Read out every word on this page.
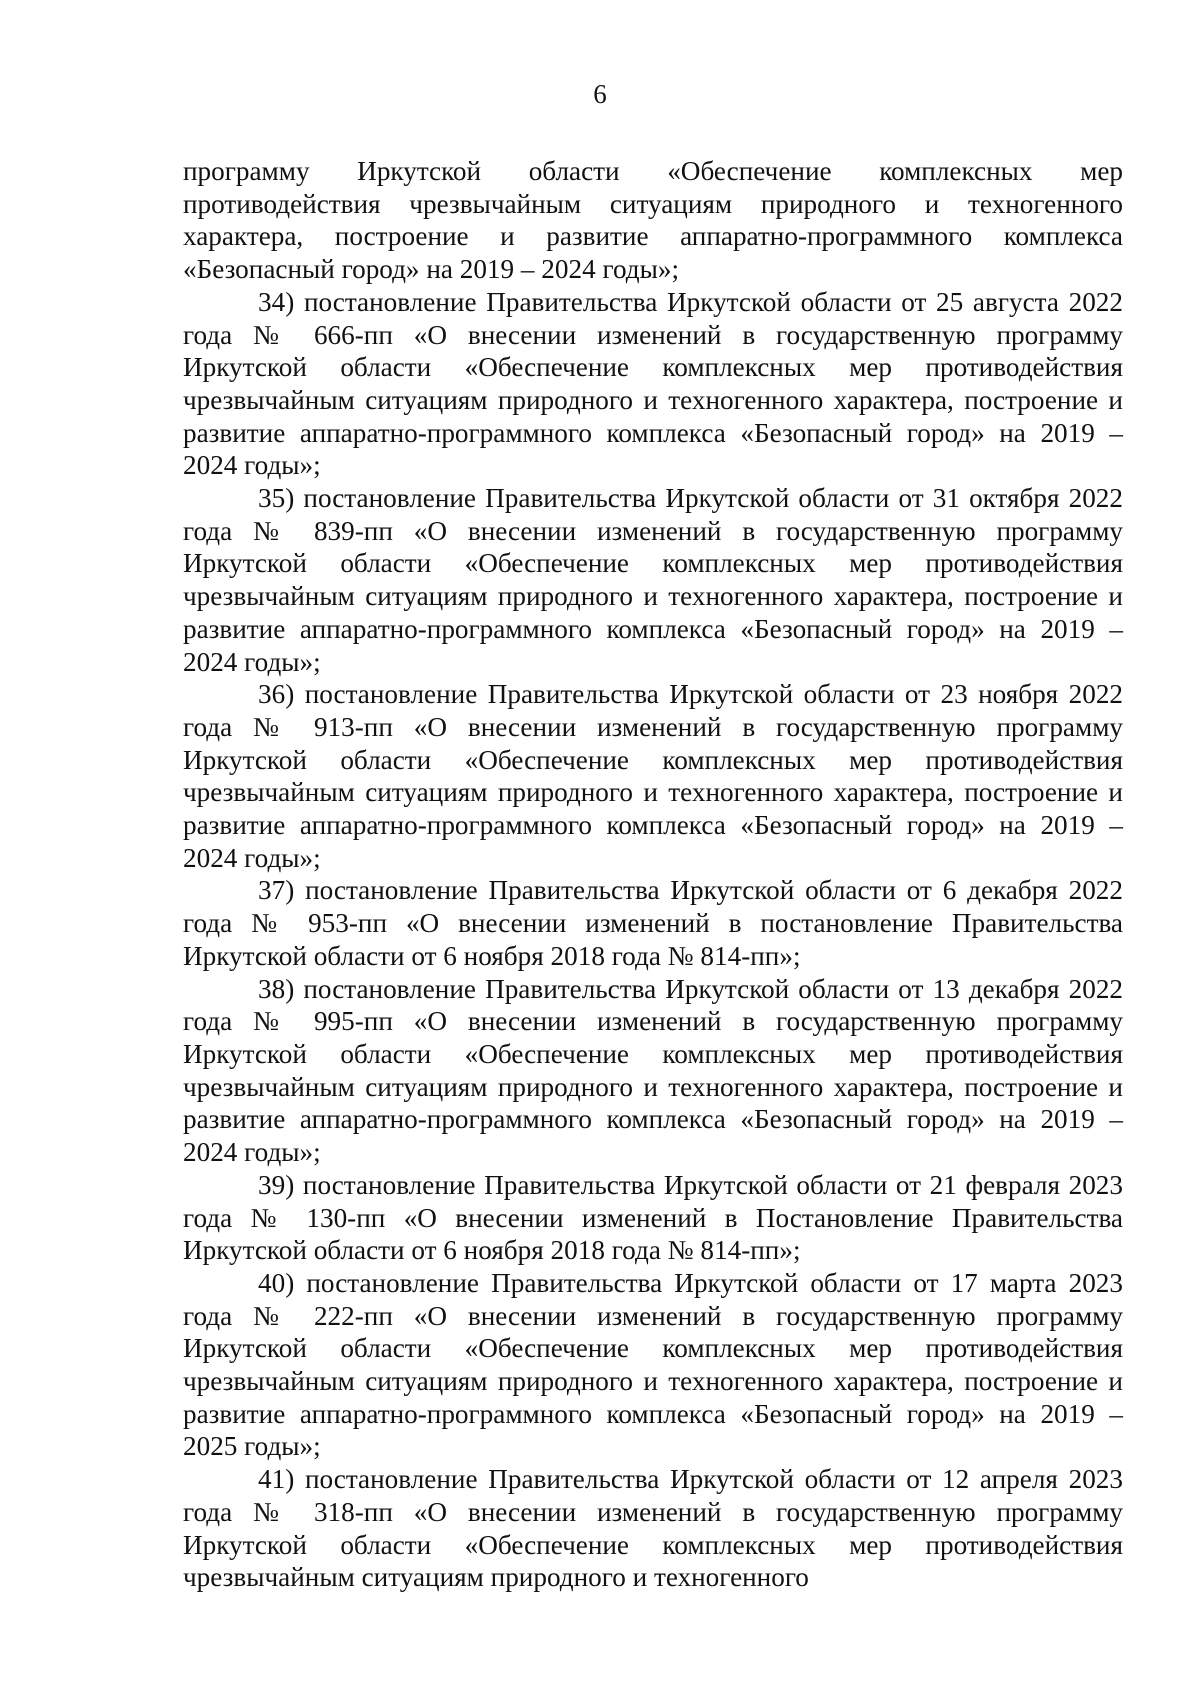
6

программу Иркутской области «Обеспечение комплексных мер противодействия чрезвычайным ситуациям природного и техногенного характера, построение и развитие аппаратно-программного комплекса «Безопасный город» на 2019 – 2024 годы»;

34) постановление Правительства Иркутской области от 25 августа 2022 года № 666-пп «О внесении изменений в государственную программу Иркутской области «Обеспечение комплексных мер противодействия чрезвычайным ситуациям природного и техногенного характера, построение и развитие аппаратно-программного комплекса «Безопасный город» на 2019 – 2024 годы»;

35) постановление Правительства Иркутской области от 31 октября 2022 года № 839-пп «О внесении изменений в государственную программу Иркутской области «Обеспечение комплексных мер противодействия чрезвычайным ситуациям природного и техногенного характера, построение и развитие аппаратно-программного комплекса «Безопасный город» на 2019 – 2024 годы»;

36) постановление Правительства Иркутской области от 23 ноября 2022 года № 913-пп «О внесении изменений в государственную программу Иркутской области «Обеспечение комплексных мер противодействия чрезвычайным ситуациям природного и техногенного характера, построение и развитие аппаратно-программного комплекса «Безопасный город» на 2019 – 2024 годы»;

37) постановление Правительства Иркутской области от 6 декабря 2022 года № 953-пп «О внесении изменений в постановление Правительства Иркутской области от 6 ноября 2018 года № 814-пп»;

38) постановление Правительства Иркутской области от 13 декабря 2022 года № 995-пп «О внесении изменений в государственную программу Иркутской области «Обеспечение комплексных мер противодействия чрезвычайным ситуациям природного и техногенного характера, построение и развитие аппаратно-программного комплекса «Безопасный город» на 2019 – 2024 годы»;

39) постановление Правительства Иркутской области от 21 февраля 2023 года № 130-пп «О внесении изменений в Постановление Правительства Иркутской области от 6 ноября 2018 года № 814-пп»;

40) постановление Правительства Иркутской области от 17 марта 2023 года № 222-пп «О внесении изменений в государственную программу Иркутской области «Обеспечение комплексных мер противодействия чрезвычайным ситуациям природного и техногенного характера, построение и развитие аппаратно-программного комплекса «Безопасный город» на 2019 – 2025 годы»;

41) постановление Правительства Иркутской области от 12 апреля 2023 года № 318-пп «О внесении изменений в государственную программу Иркутской области «Обеспечение комплексных мер противодействия чрезвычайным ситуациям природного и техногенного
